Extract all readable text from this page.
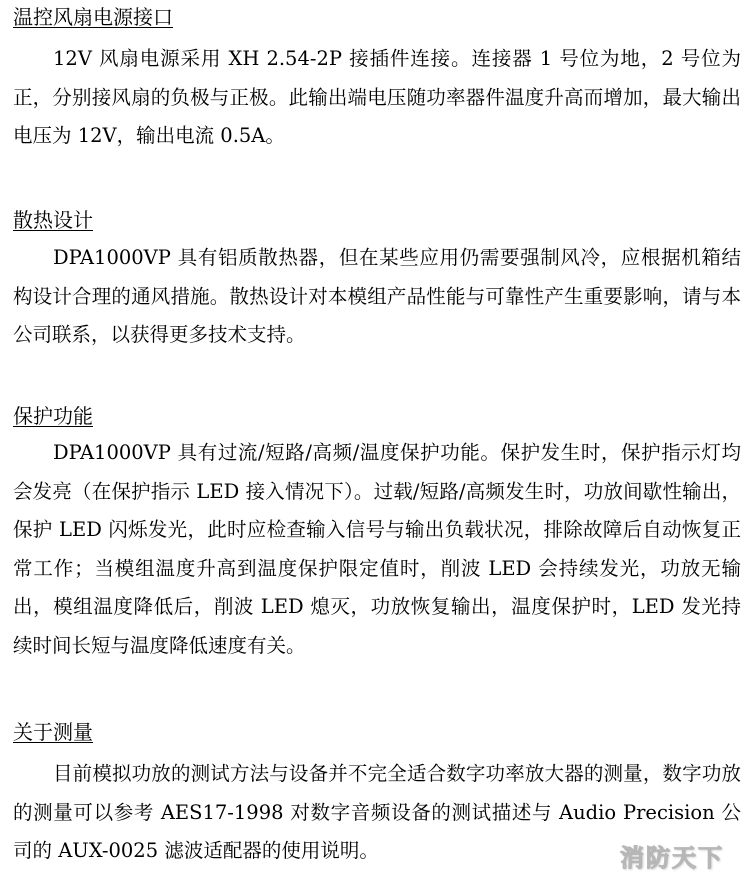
温控风扇电源接口

12V 风扇电源采用 XH 2.54-2P 接插件连接。连接器 1 号位为地，2 号位为正，分别接风扇的负极与正极。此输出端电压随功率器件温度升高而增加，最大输出电压为 12V，输出电流 0.5A。

散热设计

DPA1000VP 具有铝质散热器，但在某些应用仍需要强制风冷，应根据机箱结构设计合理的通风措施。散热设计对本模组产品性能与可靠性产生重要影响，请与本公司联系，以获得更多技术支持。

保护功能

DPA1000VP 具有过流/短路/高频/温度保护功能。保护发生时，保护指示灯均会发亮（在保护指示 LED 接入情况下）。过载/短路/高频发生时，功放间歇性输出，保护 LED 闪烁发光，此时应检查输入信号与输出负载状况，排除故障后自动恢复正常工作；当模组温度升高到温度保护限定值时，削波 LED 会持续发光，功放无输出，模组温度降低后，削波 LED 熄灭，功放恢复输出，温度保护时，LED 发光持续时间长短与温度降低速度有关。

关于测量

目前模拟功放的测试方法与设备并不完全适合数字功率放大器的测量，数字功放的测量可以参考 AES17-1998 对数字音频设备的测试描述与 Audio Precision 公司的 AUX-0025 滤波适配器的使用说明。	消防天下
